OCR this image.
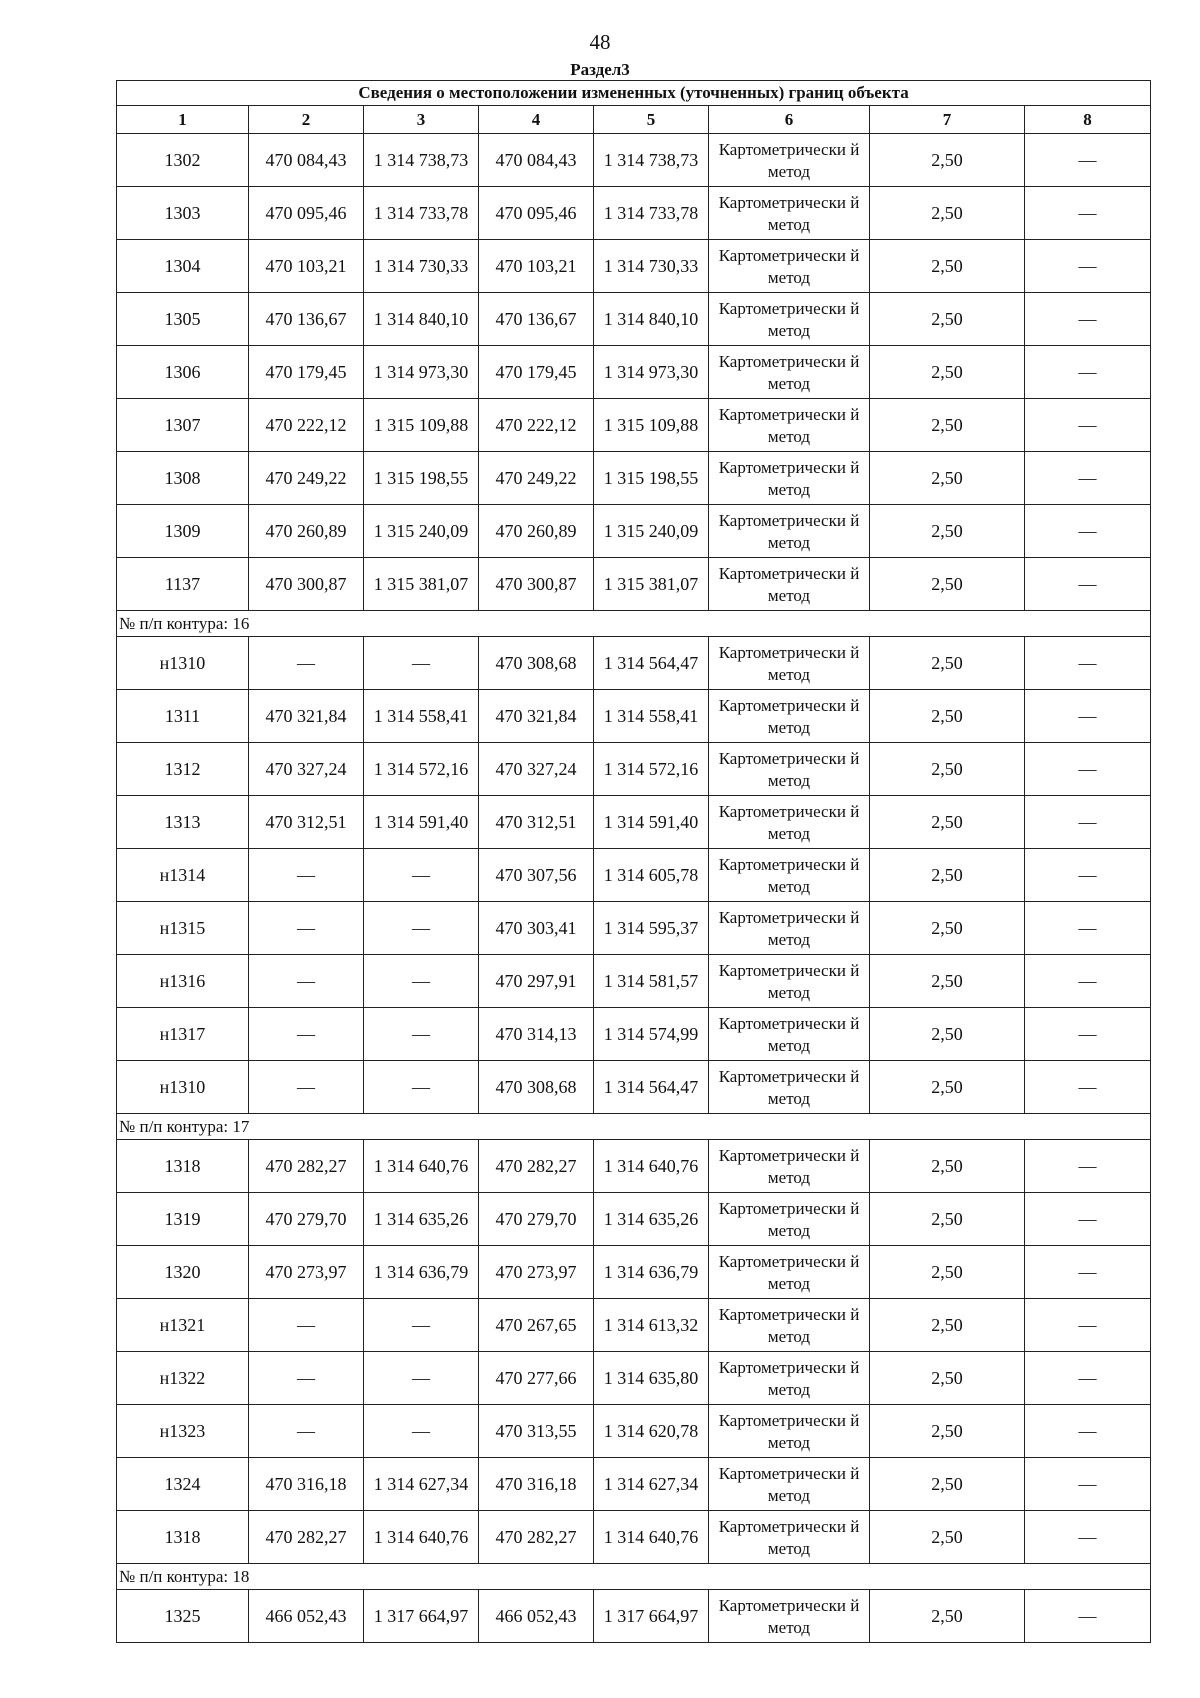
48
Раздел3
Сведения о местоположении измененных (уточненных) границ объекта							
1	2	3	4	5	6	7	8
1302	470 084,43	1 314 738,73	470 084,43	1 314 738,73	Картометрически й метод	2,50	—
1303	470 095,46	1 314 733,78	470 095,46	1 314 733,78	Картометрически й метод	2,50	—
1304	470 103,21	1 314 730,33	470 103,21	1 314 730,33	Картометрически й метод	2,50	—
1305	470 136,67	1 314 840,10	470 136,67	1 314 840,10	Картометрически й метод	2,50	—
1306	470 179,45	1 314 973,30	470 179,45	1 314 973,30	Картометрически й метод	2,50	—
1307	470 222,12	1 315 109,88	470 222,12	1 315 109,88	Картометрически й метод	2,50	—
1308	470 249,22	1 315 198,55	470 249,22	1 315 198,55	Картометрически й метод	2,50	—
1309	470 260,89	1 315 240,09	470 260,89	1 315 240,09	Картометрически й метод	2,50	—
1137	470 300,87	1 315 381,07	470 300,87	1 315 381,07	Картометрически й метод	2,50	—
№ п/п контура: 16							
н1310	—	—	470 308,68	1 314 564,47	Картометрически й метод	2,50	—
1311	470 321,84	1 314 558,41	470 321,84	1 314 558,41	Картометрически й метод	2,50	—
1312	470 327,24	1 314 572,16	470 327,24	1 314 572,16	Картометрически й метод	2,50	—
1313	470 312,51	1 314 591,40	470 312,51	1 314 591,40	Картометрически й метод	2,50	—
н1314	—	—	470 307,56	1 314 605,78	Картометрически й метод	2,50	—
н1315	—	—	470 303,41	1 314 595,37	Картометрически й метод	2,50	—
н1316	—	—	470 297,91	1 314 581,57	Картометрически й метод	2,50	—
н1317	—	—	470 314,13	1 314 574,99	Картометрически й метод	2,50	—
н1310	—	—	470 308,68	1 314 564,47	Картометрически й метод	2,50	—
№ п/п контура: 17							
1318	470 282,27	1 314 640,76	470 282,27	1 314 640,76	Картометрически й метод	2,50	—
1319	470 279,70	1 314 635,26	470 279,70	1 314 635,26	Картометрически й метод	2,50	—
1320	470 273,97	1 314 636,79	470 273,97	1 314 636,79	Картометрически й метод	2,50	—
н1321	—	—	470 267,65	1 314 613,32	Картометрически й метод	2,50	—
н1322	—	—	470 277,66	1 314 635,80	Картометрически й метод	2,50	—
н1323	—	—	470 313,55	1 314 620,78	Картометрически й метод	2,50	—
1324	470 316,18	1 314 627,34	470 316,18	1 314 627,34	Картометрически й метод	2,50	—
1318	470 282,27	1 314 640,76	470 282,27	1 314 640,76	Картометрически й метод	2,50	—
№ п/п контура: 18							
1325	466 052,43	1 317 664,97	466 052,43	1 317 664,97	Картометрически й метод	2,50	—
